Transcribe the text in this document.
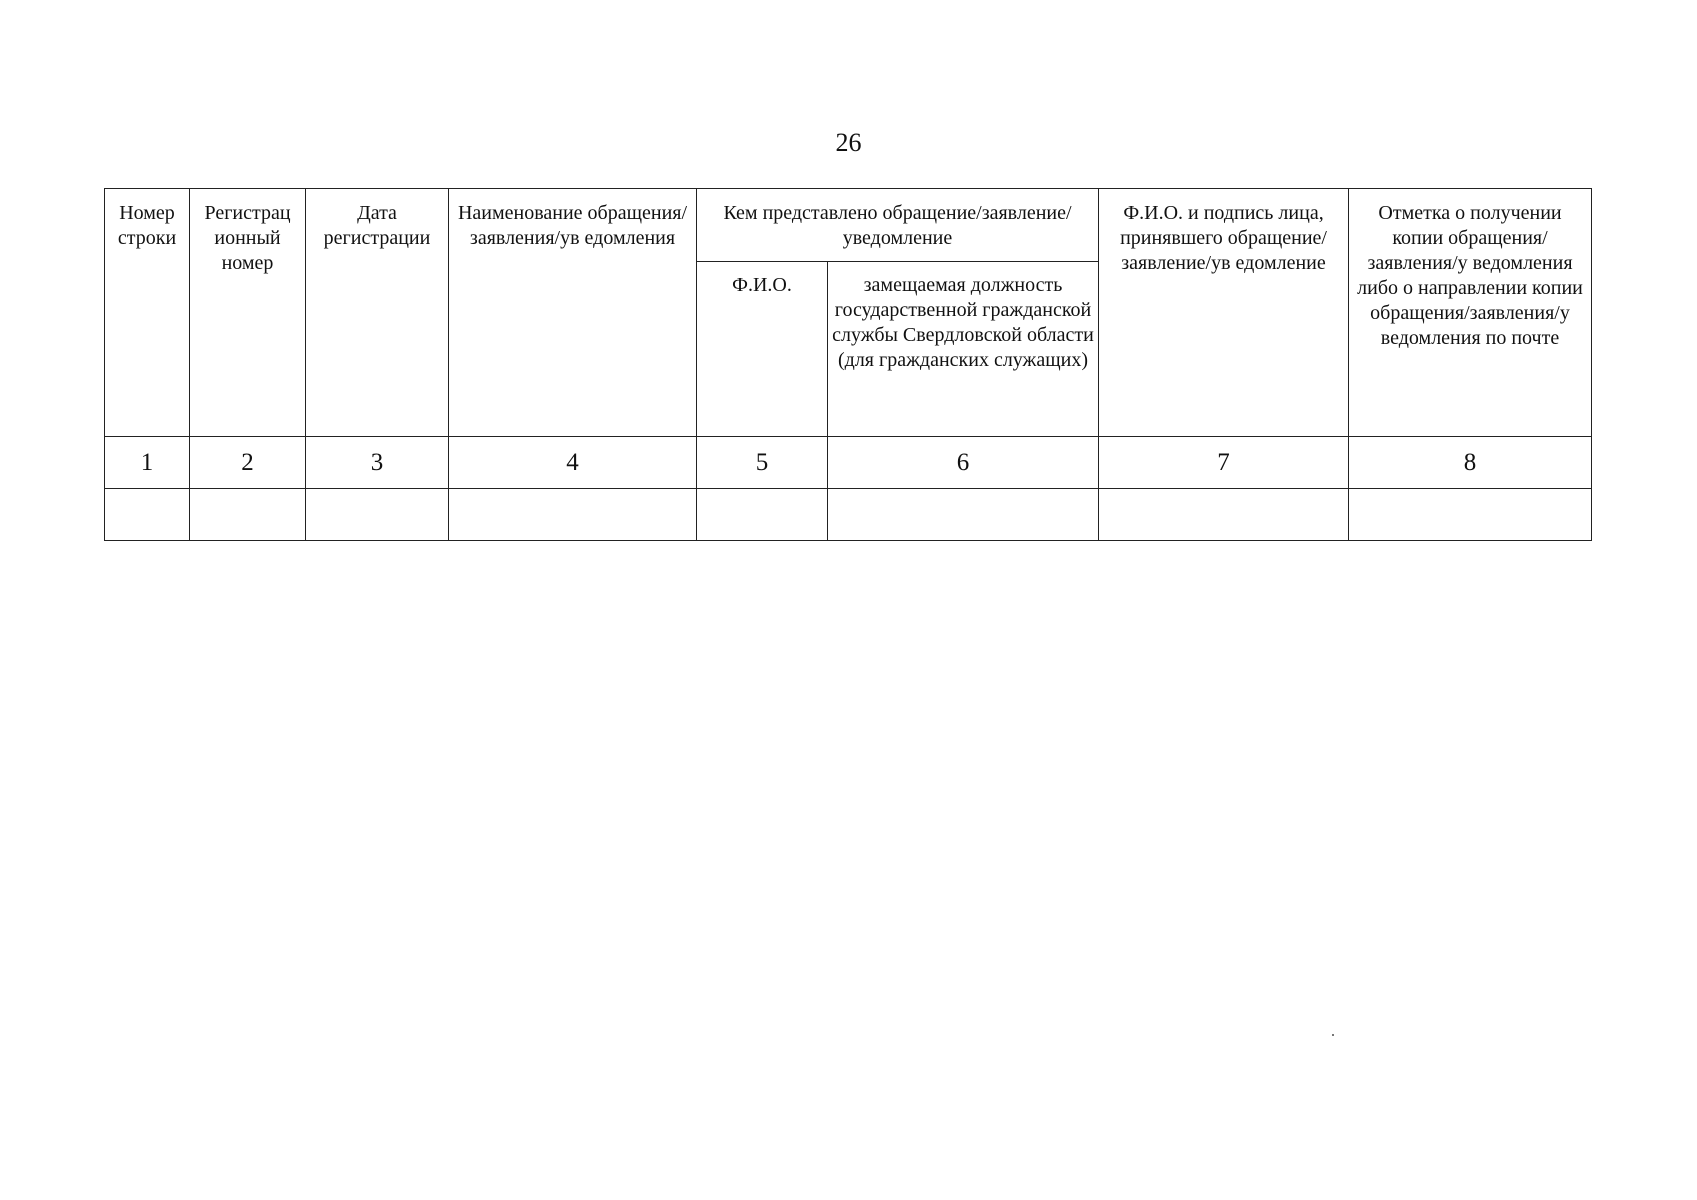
26
Номер строки	Регистрац ионный номер	Дата регистрации	Наименование обращения/заявления/ув едомления	Кем представлено обращение/заявление/уведомление		Ф.И.О. и подпись лица, принявшего обращение/заявление/ув едомление	Отметка о получении копии обращения/заявления/у ведомления либо о направлении копии обращения/заявления/у ведомления по почте
				Ф.И.О.	замещаемая должность государственной гражданской службы Свердловской области (для гражданских служащих)		
1	2	3	4	5	6	7	8
